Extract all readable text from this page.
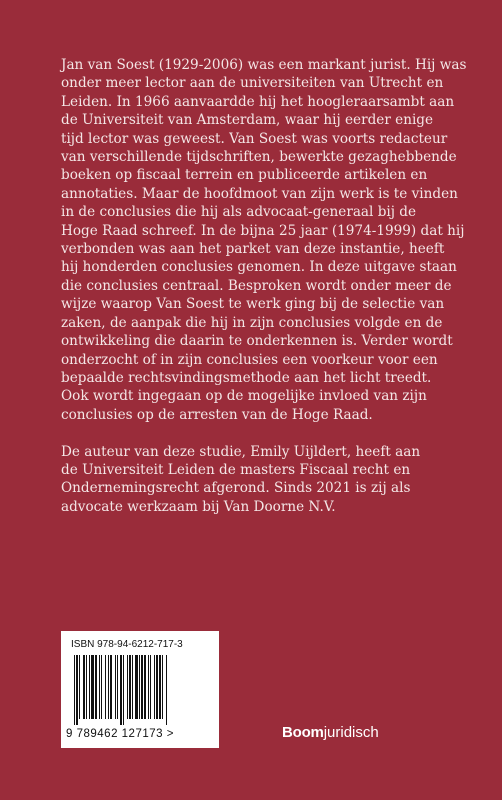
Jan van Soest (1929-2006) was een markant jurist. Hij was
onder meer lector aan de universiteiten van Utrecht en
Leiden. In 1966 aanvaardde hij het hoogleraarsambt aan
de Universiteit van Amsterdam, waar hij eerder enige
tijd lector was geweest. Van Soest was voorts redacteur
van verschillende tijdschriften, bewerkte gezaghebbende
boeken op fiscaal terrein en publiceerde artikelen en
annotaties. Maar de hoofdmoot van zijn werk is te vinden
in de conclusies die hij als advocaat-generaal bij de
Hoge Raad schreef. In de bijna 25 jaar (1974-1999) dat hij
verbonden was aan het parket van deze instantie, heeft
hij honderden conclusies genomen. In deze uitgave staan
die conclusies centraal. Besproken wordt onder meer de
wijze waarop Van Soest te werk ging bij de selectie van
zaken, de aanpak die hij in zijn conclusies volgde en de
ontwikkeling die daarin te onderkennen is. Verder wordt
onderzocht of in zijn conclusies een voorkeur voor een
bepaalde rechtsvindingsmethode aan het licht treedt.
Ook wordt ingegaan op de mogelijke invloed van zijn
conclusies op de arresten van de Hoge Raad.

De auteur van deze studie, Emily Uijldert, heeft aan
de Universiteit Leiden de masters Fiscaal recht en
Ondernemingsrecht afgerond. Sinds 2021 is zij als
advocate werkzaam bij Van Doorne N.V.

ISBN 978-94-6212-717-3
9 789462 127173 >	Boomjuridisch
